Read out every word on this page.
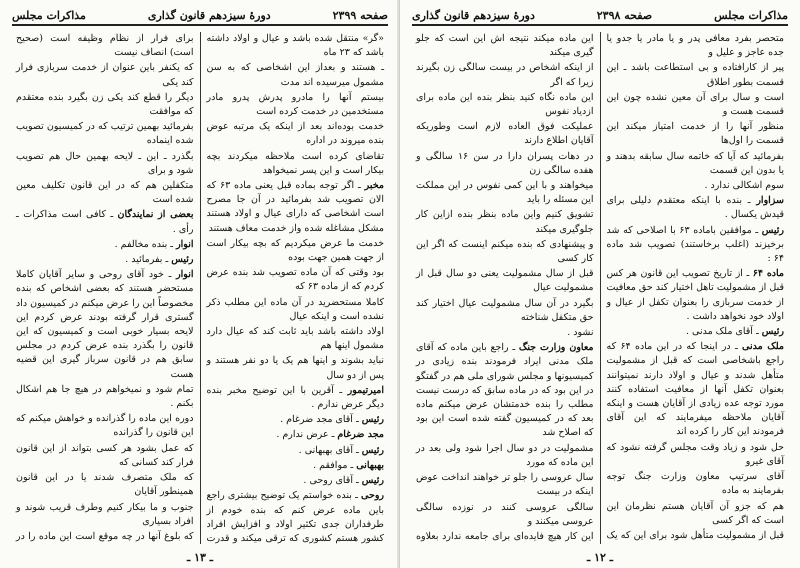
صفحه ۲۳۹۹
دورهٔ سیزدهم قانون گذاری
مذاکرات مجلس

«گر» منتقل شده باشد و عیال و اولاد داشته باشد که ۲۳ ماه

ـ هستند و بعداز این اشخاصی که به سن مشمول میرسیده اند مدت

بیستم آنها را مادرو پدرش پدرو مادر مستخدمین در خدمت کرده است

خدمت بوده‌اند بعد از اینکه یک مرتبه عوض بنده میروند در اداره

تقاضای کرده است ملاحظه میکردند بچه بیکار است و این پسر نمیخواهد

مخبر ـ اگر توجه بماده قبل یعنی ماده ۶۳ که الان تصویب شد بفرمائید در آن جا مصرح است اشخاصی که دارای عیال و اولاد هستند مشکل مشاغله شده واز خدمت معاف هستند

خدمت ما عرض میکردیم که بچه بیکار است از جهت همین جهت بوده

بود وقتی که آن ماده تصویب شد بنده عرض کردم که از ماده ۶۳ که

کاملا مستحضرید در آن ماده این مطلب ذکر نشده است و اینکه عیال

اولاد داشته باشد باید ثابت کند که عیال دارد مشمول اینها هم

نباید بشوند و اینها هم یک یا دو نفر هستند و پس از دو سال

امیرتیمور ـ آقرین با این توضیح مخبر بنده دیگر عرض ندارم .

رئیس ـ آقای مجد ضرغام .

مجد ضرغام ـ عرض ندارم .

رئیس ـ آقای بهبهانی .

بهبهانی ـ موافقم .

رئیس ـ آقای روحی .

روحی ـ بنده خواستم یک توضیح بیشتری راجع باین ماده عرض کنم که بنده خودم از طرفداران جدی تکثیر اولاد و افزایش افراد کشور هستم کشوری که ترقی میکند و قدرت

برای فرار از نظام وظیفه است (صحیح است) انصاف نیست

که یکنفر باین عنوان از خدمت سربازی فرار کند یکی

دیگر را قطع کند یکی زن بگیرد بنده معتقدم که موافقت

بفرمائید بهمین ترتیب که در کمیسیون تصویب شده اینماده

بگذرد ـ این ـ لایحه بهمین حال هم تصویب شود و برای

متکفلین هم که در این قانون تکلیف معین شده است

بعضی از نمایندگان ـ کافی است مذاکرات ـ رأی .

انوار ـ بنده مخالفم .

رئیس ـ بفرمائید .

انوار ـ خود آقای روحی و سایر آقایان کاملا مستحضر هستند که بعضی اشخاص که بنده مخصوصاً این را عرض میکنم در کمیسیون داد گستری قرار گرفته بودند عرض کردم این لایحه بسیار خوبی است و کمیسیون که این قانون را بگذرد بنده عرض کردم در مجلس سابق هم در قانون سرباز گیری این قضیه هست

تمام شود و نمیخواهم در هیچ جا هم اشکال بکنم .

دوره این ماده را گذرانده و خواهش میکنم که این قانون را گذرانده

که عمل بشود هر کسی بتواند از این قانون فرار کند کسانی که

که ملک متصرف شدند یا در این قانون همینطور آقایان

جنوب و ما بیکار کنیم وطرف قریب شوند و افراد بسیاری

که بلوغ آنها در چه موقع است این ماده را در

ـ ۱۳ ـ
مذاکرات مجلس
صفحه ۲۳۹۸
دورهٔ سیزدهم قانون گذاری

متحصر بفرد معافی پدر و یا مادر یا جدو یا جده عاجز و علیل و

پیر از کارافتاده و بی استطاعت باشد ـ این قسمت بطور اطلاق

است و سال برای آن معین نشده چون این قسمت هست و

منظور آنها را از خدمت امتیاز میکند این قسمت را اول‌ها

بفرمائید که آیا که خاتمه سال سابقه بدهند و یا بدون این قسمت

سوم اشکالی ندارد .

سزاوار ـ بنده با اینکه معتقدم دلیلی برای قیدش یکسال .

رئیس ـ موافقین باماده ۶۳ با اصلاحی که شد برخیزند (اغلب برخاستند) تصویب شد ماده ۶۴ :

ماده ۶۴ ـ از تاریخ تصویب این قانون هر کس قبل از مشمولیت تاهل اختیار کند حق معافیت از خدمت سربازی را بعنوان تکفل از عیال و اولاد خود نخواهد داشت .

رئیس ـ آقای ملک مدنی .

ملک مدنی ـ در اینجا که در این ماده ۶۴ که راجع باشخاصی است که قبل از مشمولیت متأهل شدند و عیال و اولاد دارند نمیتوانند بعنوان تکفل آنها از معافیت استفاده کنند مورد توجه عده زیادی از آقایان هست و اینکه آقایان ملاحظه میفرمایند که این آقای فرمودند این کار را کرده اند

حل شود و زیاد وقت مجلس گرفته نشود که آقای غیرو

آقای سرتیپ معاون وزارت جنگ توجه بفرمایند به ماده

هم که جزو آن آقایان هستم نظرمان این است که اگر کسی

قبل از مشمولیت متأهل شود برای این که یک

این ماده میکند نتیجه اش این است که جلو گیری میکند

از اینکه اشخاص در بیست سالگی زن بگیرند زیرا که اگر

این ماده نگاه کنید بنظر بنده این ماده برای ازدیاد نفوس

عملیکت فوق العاده لازم است وطوریکه آقایان اطلاع دارند

در دهات پسران دارا در سن ۱۶ سالگی و هفده سالگی زن

میخواهند و با این کمی نفوس در این مملکت این مسئله را باید

تشویق کنیم واین ماده بنظر بنده ازاین کار جلوگیری میکند

و پیشنهادی که بنده میکنم اینست که اگر این کار کسی

قبل از سال مشمولیت یعنی دو سال قبل از مشمولیت عیال

بگیرد در آن سال مشمولیت عیال اختیار کند حق متکفل شناخته

نشود .

معاون وزارت جنگ ـ راجع باین ماده که آقای ملک مدنی ایراد فرمودند بنده زیادی در کمیسیونها و مجلس شورای ملی هم در گفتگو در این بود که در ماده سابق که درست نیست مطلب را بنده خدمتشان عرض میکنم ماده بعد که در کمیسیون گفته شده است این بود که اصلاح شد

مشمولیت در دو سال اجرا شود ولی بعد در این ماده که مورد

سال عروسی را جلو تر خواهند انداخت عوض اینکه در بیست

سالگی عروسی کنند در نوزده سالگی عروسی میکنند و

این کار هیچ فایده‌ای برای جامعه ندارد بعلاوه

ـ ۱۲ ـ
